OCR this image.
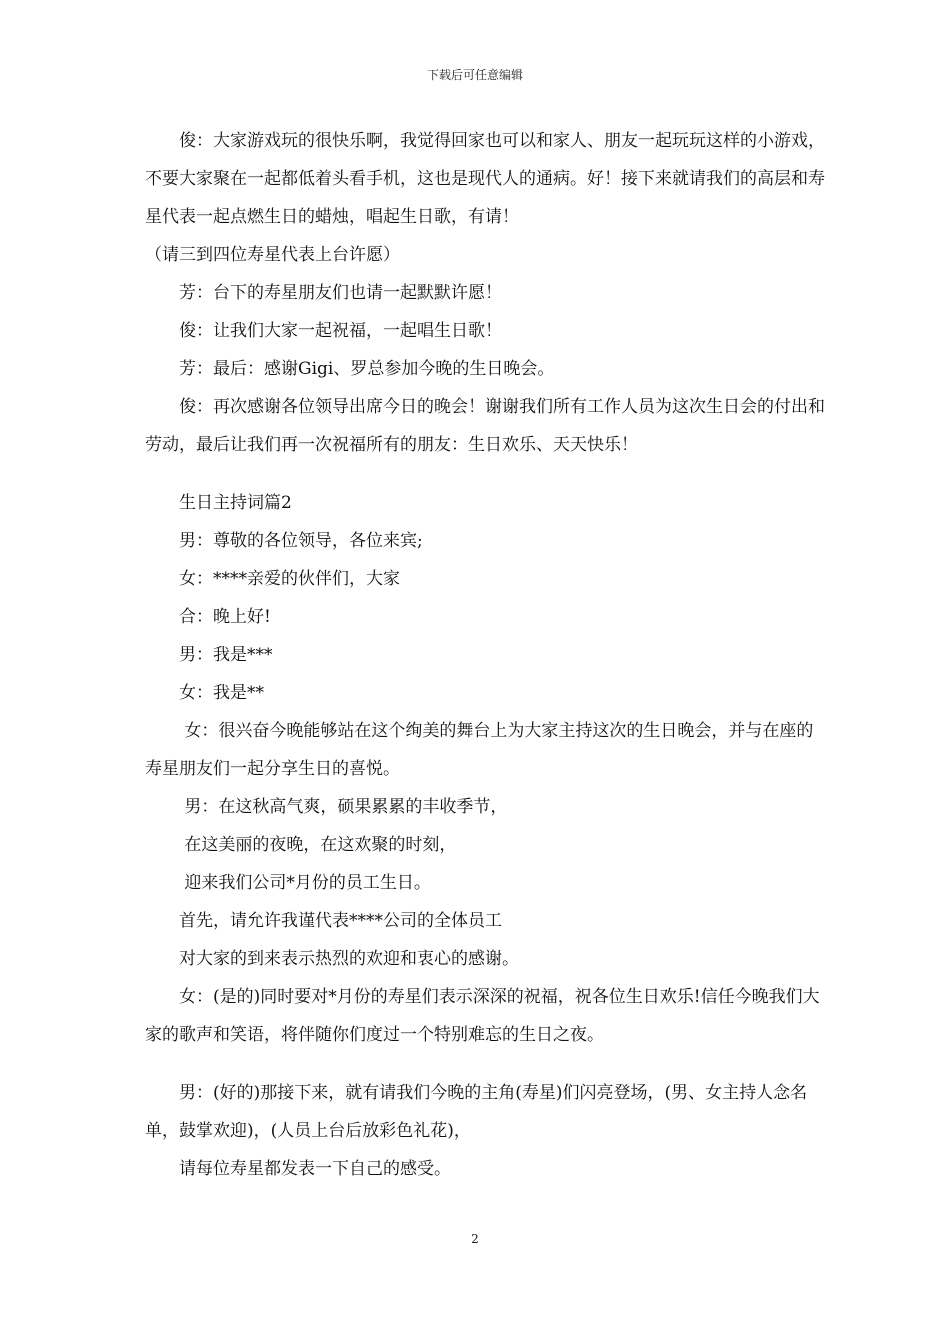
下载后可任意编辑

俊：大家游戏玩的很快乐啊，我觉得回家也可以和家人、朋友一起玩玩这样的小游戏，不要大家聚在一起都低着头看手机，这也是现代人的通病。好！接下来就请我们的高层和寿星代表一起点燃生日的蜡烛，唱起生日歌，有请！

（请三到四位寿星代表上台许愿）

芳：台下的寿星朋友们也请一起默默许愿！

俊：让我们大家一起祝福，一起唱生日歌！

芳：最后：感谢Gigi、罗总参加今晚的生日晚会。

俊：再次感谢各位领导出席今日的晚会！谢谢我们所有工作人员为这次生日会的付出和劳动，最后让我们再一次祝福所有的朋友：生日欢乐、天天快乐！

生日主持词篇2

男：尊敬的各位领导，各位来宾;

女：****亲爱的伙伴们，大家

合：晚上好!

男：我是***

女：我是**

女：很兴奋今晚能够站在这个绚美的舞台上为大家主持这次的生日晚会，并与在座的寿星朋友们一起分享生日的喜悦。

男：在这秋高气爽，硕果累累的丰收季节，

在这美丽的夜晚，在这欢聚的时刻，

迎来我们公司*月份的员工生日。

首先，请允许我谨代表****公司的全体员工

对大家的到来表示热烈的欢迎和衷心的感谢。

女：(是的)同时要对*月份的寿星们表示深深的祝福，祝各位生日欢乐!信任今晚我们大家的歌声和笑语，将伴随你们度过一个特别难忘的生日之夜。

男：(好的)那接下来，就有请我们今晚的主角(寿星)们闪亮登场，(男、女主持人念名单，鼓掌欢迎)，(人员上台后放彩色礼花)，

请每位寿星都发表一下自己的感受。

2
